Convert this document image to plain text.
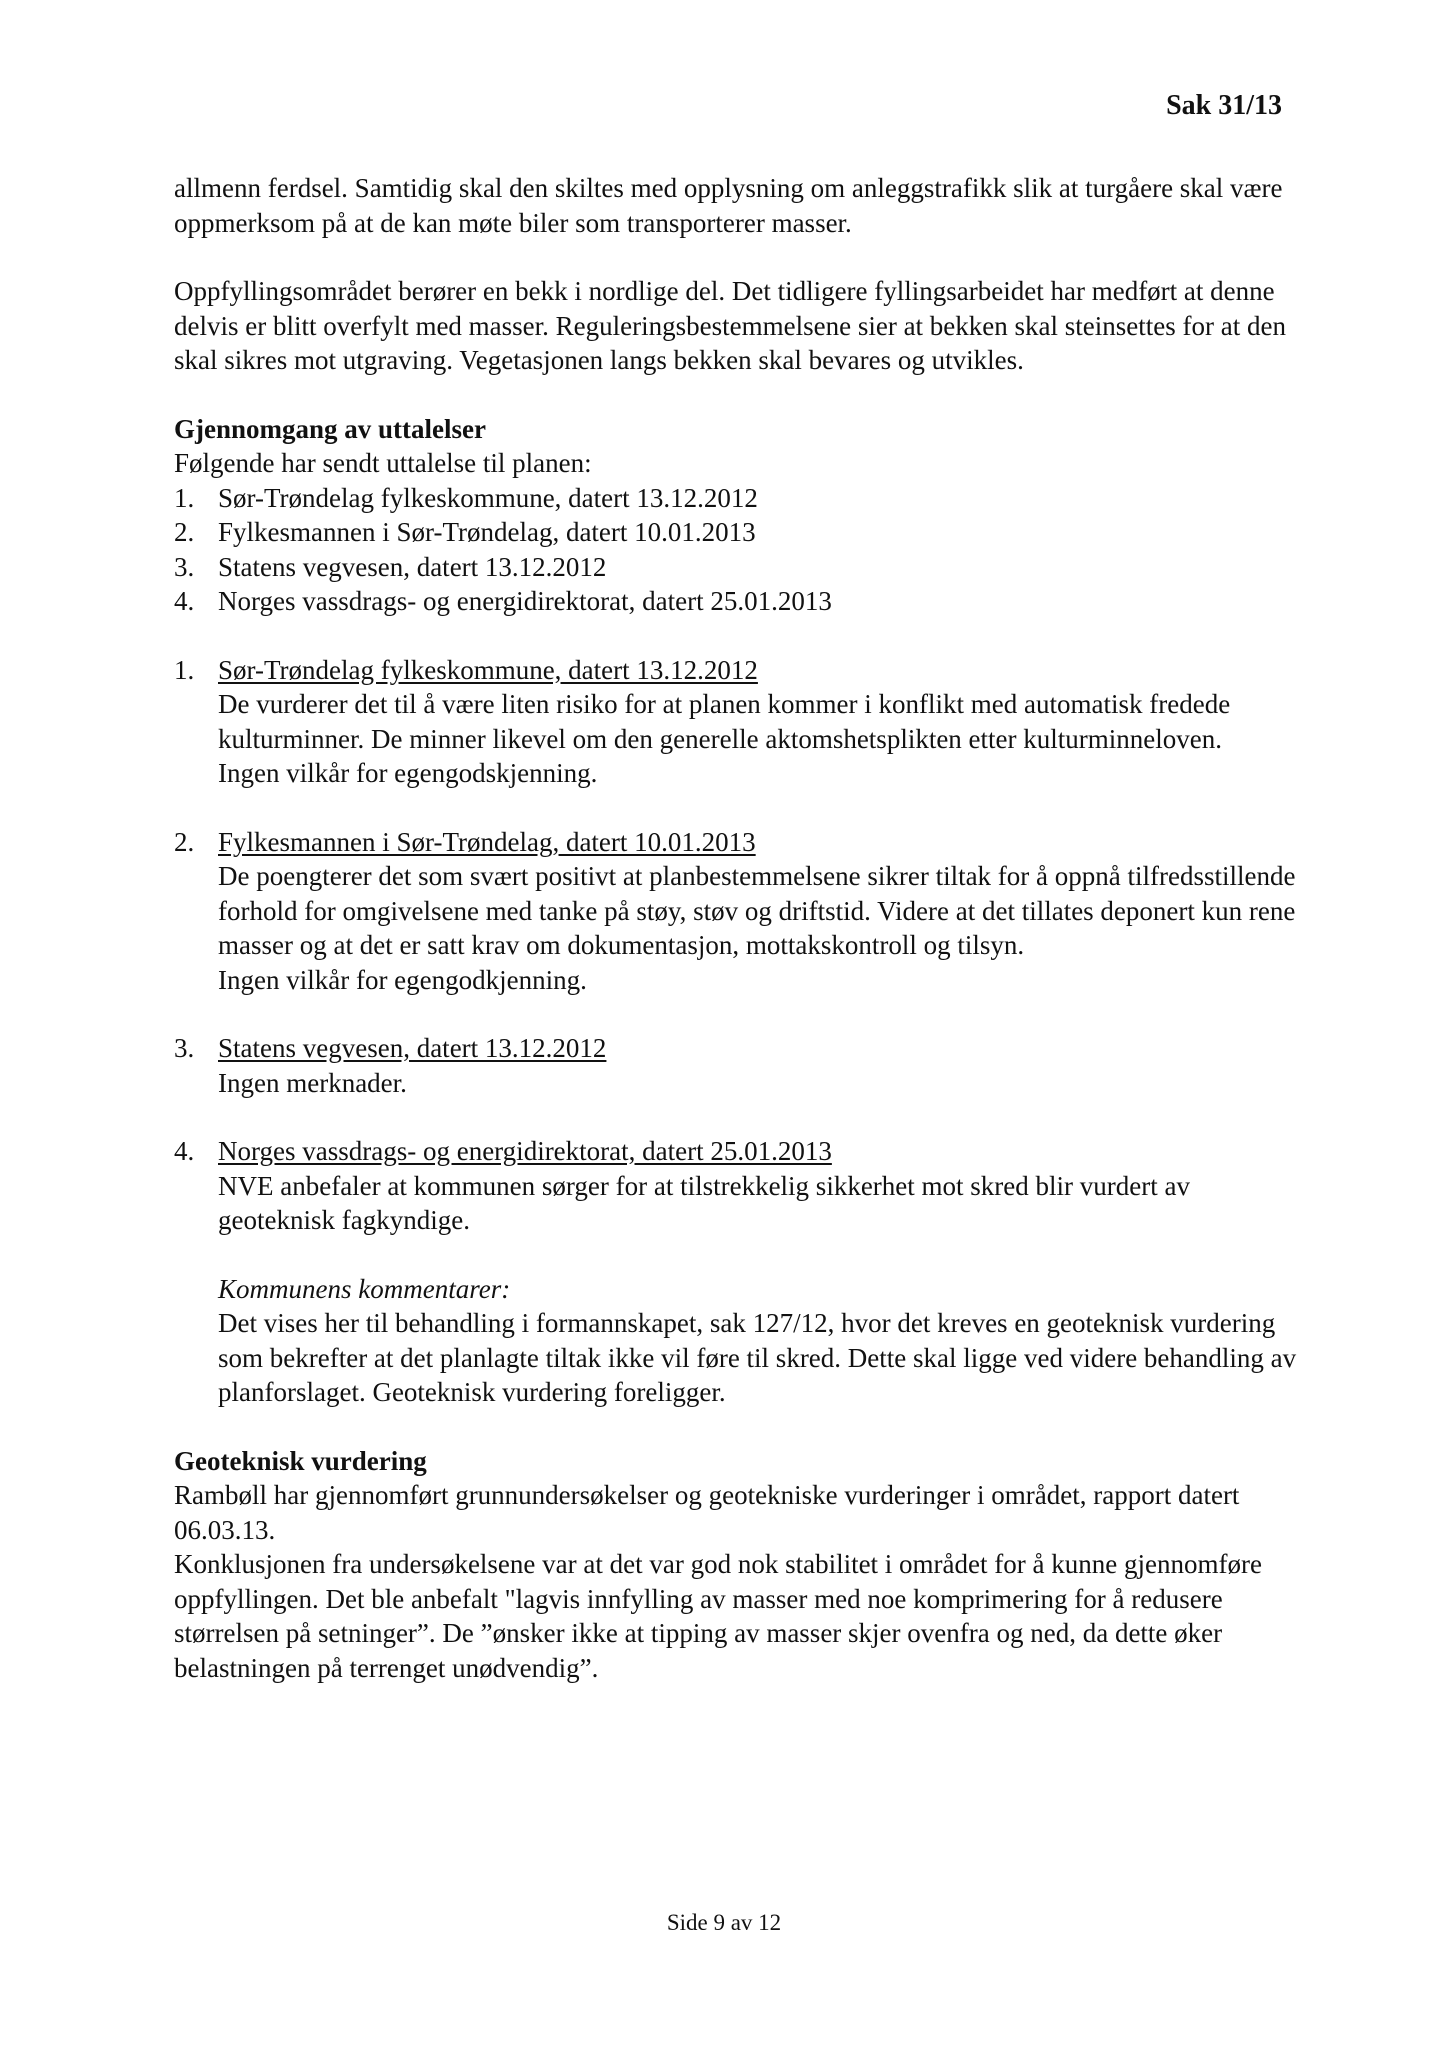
Sak 31/13

allmenn ferdsel. Samtidig skal den skiltes med opplysning om anleggstrafikk slik at turgåere skal være oppmerksom på at de kan møte biler som transporterer masser.

Oppfyllingsområdet berører en bekk i nordlige del. Det tidligere fyllingsarbeidet har medført at denne delvis er blitt overfylt med masser. Reguleringsbestemmelsene sier at bekken skal steinsettes for at den skal sikres mot utgraving. Vegetasjonen langs bekken skal bevares og utvikles.

Gjennomgang av uttalelser

Følgende har sendt uttalelse til planen:

1. Sør-Trøndelag fylkeskommune, datert 13.12.2012
2. Fylkesmannen i Sør-Trøndelag, datert 10.01.2013
3. Statens vegvesen, datert 13.12.2012
4. Norges vassdrags- og energidirektorat, datert 25.01.2013
1. Sør-Trøndelag fylkeskommune, datert 13.12.2012

De vurderer det til å være liten risiko for at planen kommer i konflikt med automatisk fredede kulturminner. De minner likevel om den generelle aktomshetsplikten etter kulturminneloven.

Ingen vilkår for egengodskjenning.

2. Fylkesmannen i Sør-Trøndelag, datert 10.01.2013

De poengterer det som svært positivt at planbestemmelsene sikrer tiltak for å oppnå tilfredsstillende forhold for omgivelsene med tanke på støy, støv og driftstid. Videre at det tillates deponert kun rene masser og at det er satt krav om dokumentasjon, mottakskontroll og tilsyn.

Ingen vilkår for egengodkjenning.

3. Statens vegvesen, datert 13.12.2012

Ingen merknader.

4. Norges vassdrags- og energidirektorat, datert 25.01.2013

NVE anbefaler at kommunen sørger for at tilstrekkelig sikkerhet mot skred blir vurdert av geoteknisk fagkyndige.

Kommunens kommentarer:

Det vises her til behandling i formannskapet, sak 127/12, hvor det kreves en geoteknisk vurdering som bekrefter at det planlagte tiltak ikke vil føre til skred. Dette skal ligge ved videre behandling av planforslaget. Geoteknisk vurdering foreligger.

Geoteknisk vurdering

Rambøll har gjennomført grunnundersøkelser og geotekniske vurderinger i området, rapport datert 06.03.13.

Konklusjonen fra undersøkelsene var at det var god nok stabilitet i området for å kunne gjennomføre oppfyllingen. Det ble anbefalt "lagvis innfylling av masser med noe komprimering for å redusere størrelsen på setninger”. De ”ønsker ikke at tipping av masser skjer ovenfra og ned, da dette øker belastningen på terrenget unødvendig”.

Side 9 av 12
